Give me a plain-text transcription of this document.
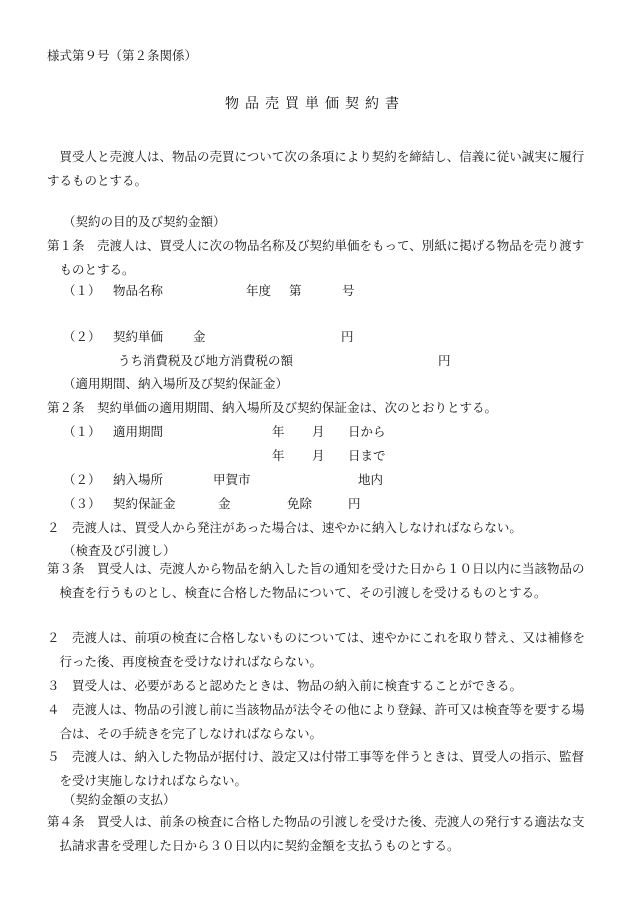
様式第９号（第２条関係）
物品売買単価契約書
買受人と売渡人は、物品の売買について次の条項により契約を締結し、信義に従い誠実に履行するものとする。
（契約の目的及び契約金額）
第１条　売渡人は、買受人に次の物品名称及び契約単価をもって、別紙に掲げる物品を売り渡すものとする。
（１） 物品名称	年度 第	号
（２） 契約単価 金	円
うち消費税及び地方消費税の額	円
（適用期間、納入場所及び契約保証金）
第２条　契約単価の適用期間、納入場所及び契約保証金は、次のとおりとする。
（１） 適用期間	年 月 日から
年 月 日まで
（２） 納入場所	甲賀市	地内
（３） 契約保証金	金	免除	円
２　売渡人は、買受人から発注があった場合は、速やかに納入しなければならない。
（検査及び引渡し）
第３条　買受人は、売渡人から物品を納入した旨の通知を受けた日から１０日以内に当該物品の検査を行うものとし、検査に合格した物品について、その引渡しを受けるものとする。
２　売渡人は、前項の検査に合格しないものについては、速やかにこれを取り替え、又は補修を行った後、再度検査を受けなければならない。
３　買受人は、必要があると認めたときは、物品の納入前に検査することができる。
４　売渡人は、物品の引渡し前に当該物品が法令その他により登録、許可又は検査等を要する場合は、その手続きを完了しなければならない。
５　売渡人は、納入した物品が据付け、設定又は付帯工事等を伴うときは、買受人の指示、監督を受け実施しなければならない。
（契約金額の支払）
第４条　買受人は、前条の検査に合格した物品の引渡しを受けた後、売渡人の発行する適法な支払請求書を受理した日から３０日以内に契約金額を支払うものとする。
